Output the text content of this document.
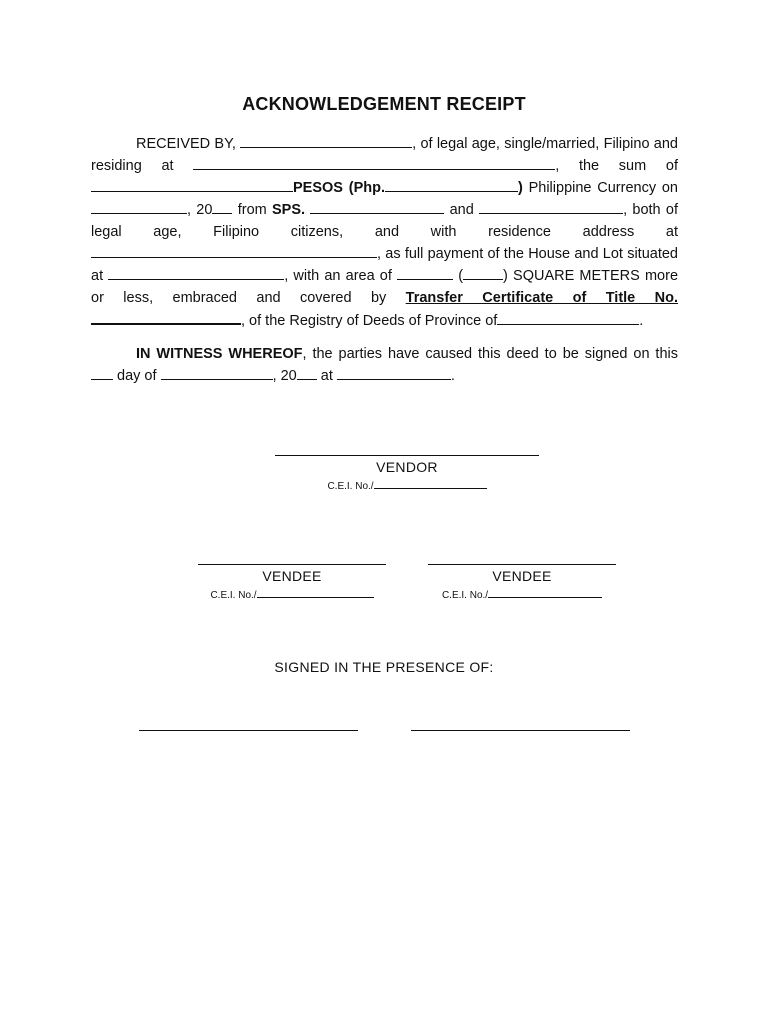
ACKNOWLEDGEMENT RECEIPT
RECEIVED BY,	, of legal age, single/married, Filipino and residing at	, the sum of PESOS (Php.	) Philippine Currency on , 20 from SPS.	and	, both of legal age, Filipino citizens, and with residence address at , as full payment of the House and Lot situated at	, with an area of	(	) SQUARE METERS more or less, embraced and covered by Transfer Certificate of Title No. , of the Registry of Deeds of Province of	.
IN WITNESS WHEREOF, the parties have caused this deed to be signed on this  day of	, 20 at	.
VENDOR
C.E.I. No./
VENDEE
C.E.I. No./
VENDEE
C.E.I. No./
SIGNED IN THE PRESENCE OF:
